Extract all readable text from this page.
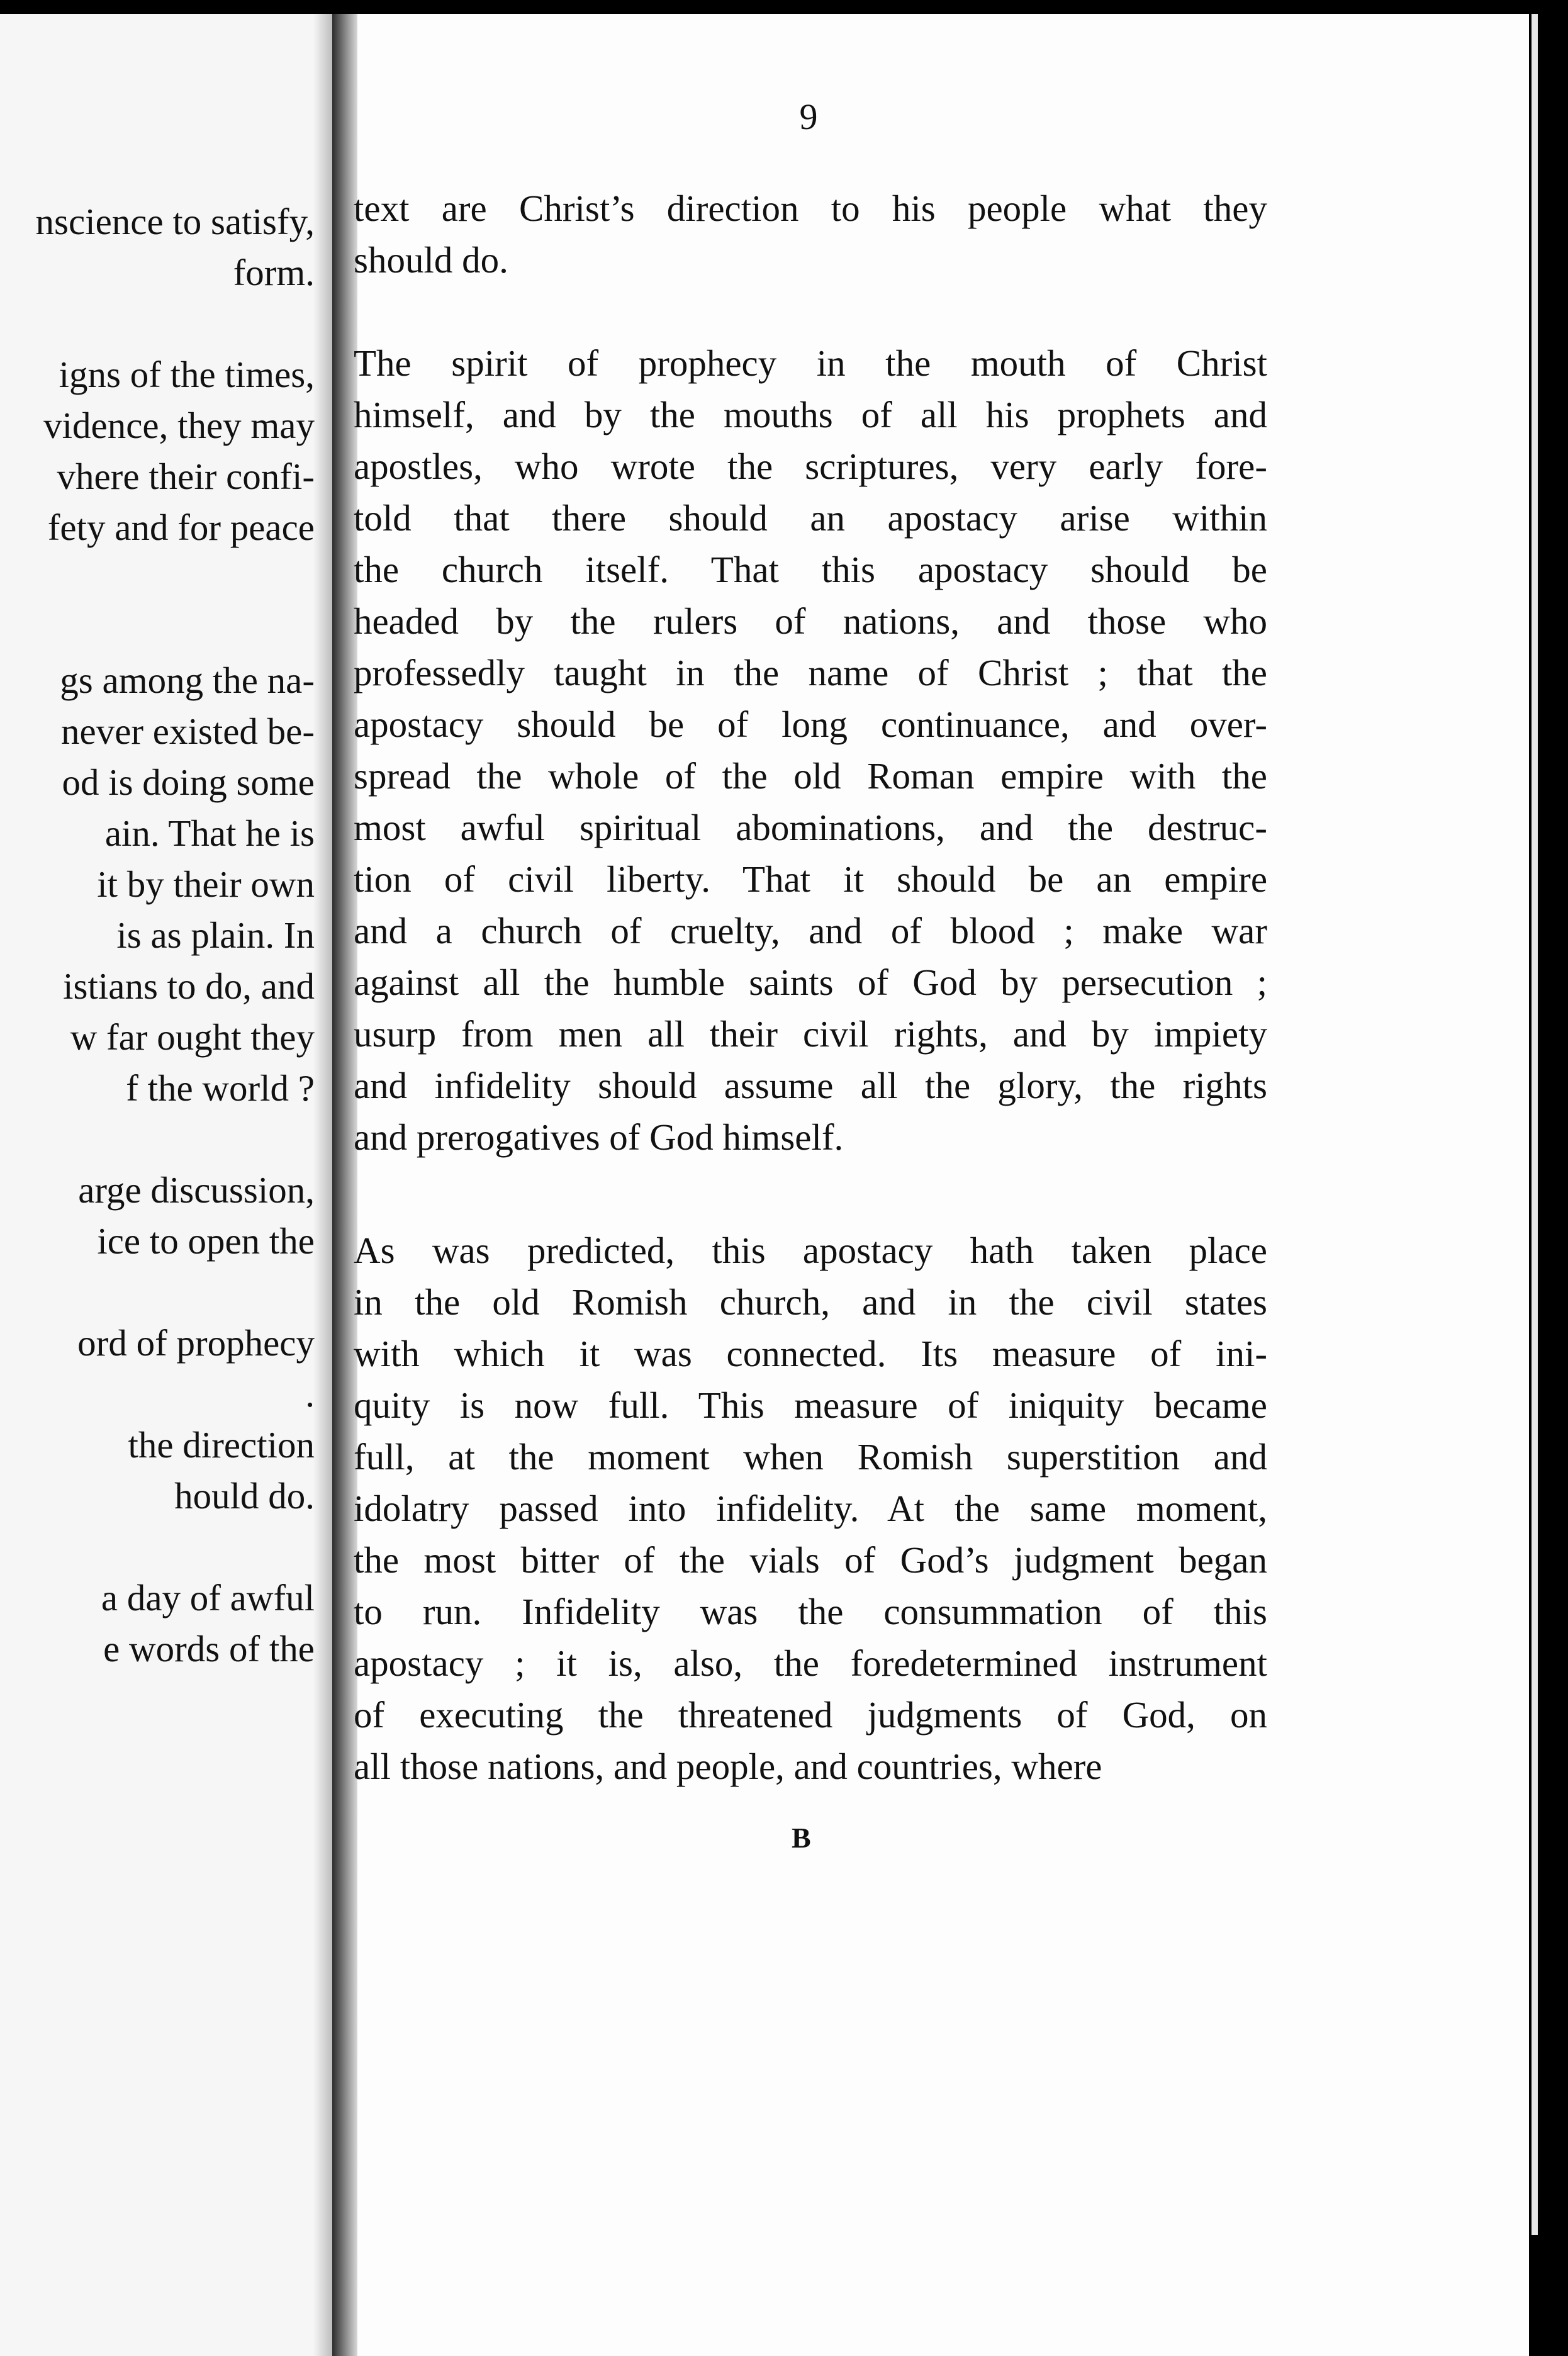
nscience to satisfy,
form.
igns of the times,
vidence, they may
vhere their confi-
fety and for peace
gs among the na-
never existed be-
od is doing some
ain. That he is
it by their own
is as plain. In
istians to do, and
w far ought they
f the world ?
arge discussion,
ice to open the
ord of prophecy
.
the direction
hould do.
a day of awful
e words of the
9
text are Christ’s direction to his people what they
should do.
The spirit of prophecy in the mouth of Christ
himself, and by the mouths of all his prophets and
apostles, who wrote the scriptures, very early fore-
told that there should an apostacy arise within
the church itself. That this apostacy should be
headed by the rulers of nations, and those who
professedly taught in the name of Christ ; that the
apostacy should be of long continuance, and over-
spread the whole of the old Roman empire with the
most awful spiritual abominations, and the destruc-
tion of civil liberty. That it should be an empire
and a church of cruelty, and of blood ; make war
against all the humble saints of God by persecution ;
usurp from men all their civil rights, and by impiety
and infidelity should assume all the glory, the rights
and prerogatives of God himself.
As was predicted, this apostacy hath taken place
in the old Romish church, and in the civil states
with which it was connected. Its measure of ini-
quity is now full. This measure of iniquity became
full, at the moment when Romish superstition and
idolatry passed into infidelity. At the same moment,
the most bitter of the vials of God’s judgment began
to run. Infidelity was the consummation of this
apostacy ; it is, also, the foredetermined instrument
of executing the threatened judgments of God, on
all those nations, and people, and countries, where
B
